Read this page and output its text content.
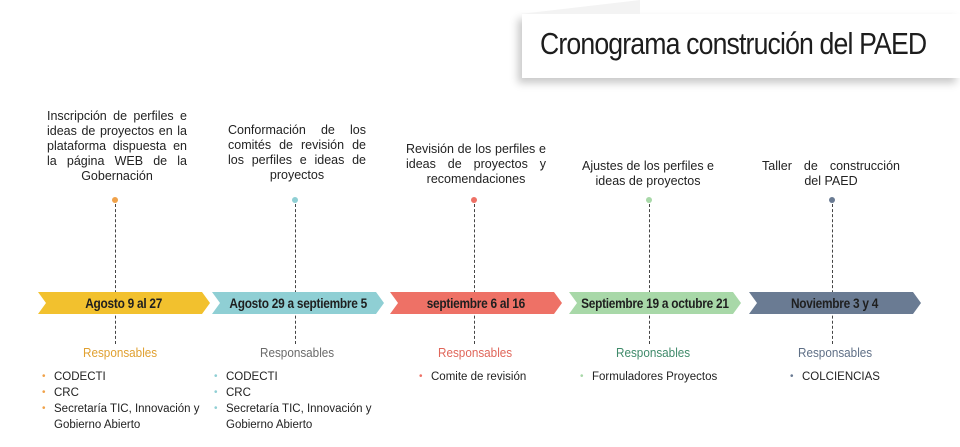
Cronograma construción del PAED
Inscripción de perfiles e ideas de proyectos en la plataforma dispuesta en la página WEB de la Gobernación
Agosto 9 al 27
Responsables
• CODECTI
• CRC
• Secretaría TIC, Innovación y Gobierno Abierto
Conformación de los comités de revisión de los perfiles e ideas de proyectos
Agosto 29 a septiembre 5
Responsables
• CODECTI
• CRC
• Secretaría TIC, Innovación y Gobierno Abierto
Revisión de los perfiles e ideas de proyectos y recomendaciones
septiembre 6 al 16
Responsables
• Comite de revisión
Ajustes de los perfiles e ideas de proyectos
Septiembre 19 a octubre 21
Responsables
• Formuladores Proyectos
Taller de construcción del PAED
Noviembre 3 y 4
Responsables
• COLCIENCIAS
